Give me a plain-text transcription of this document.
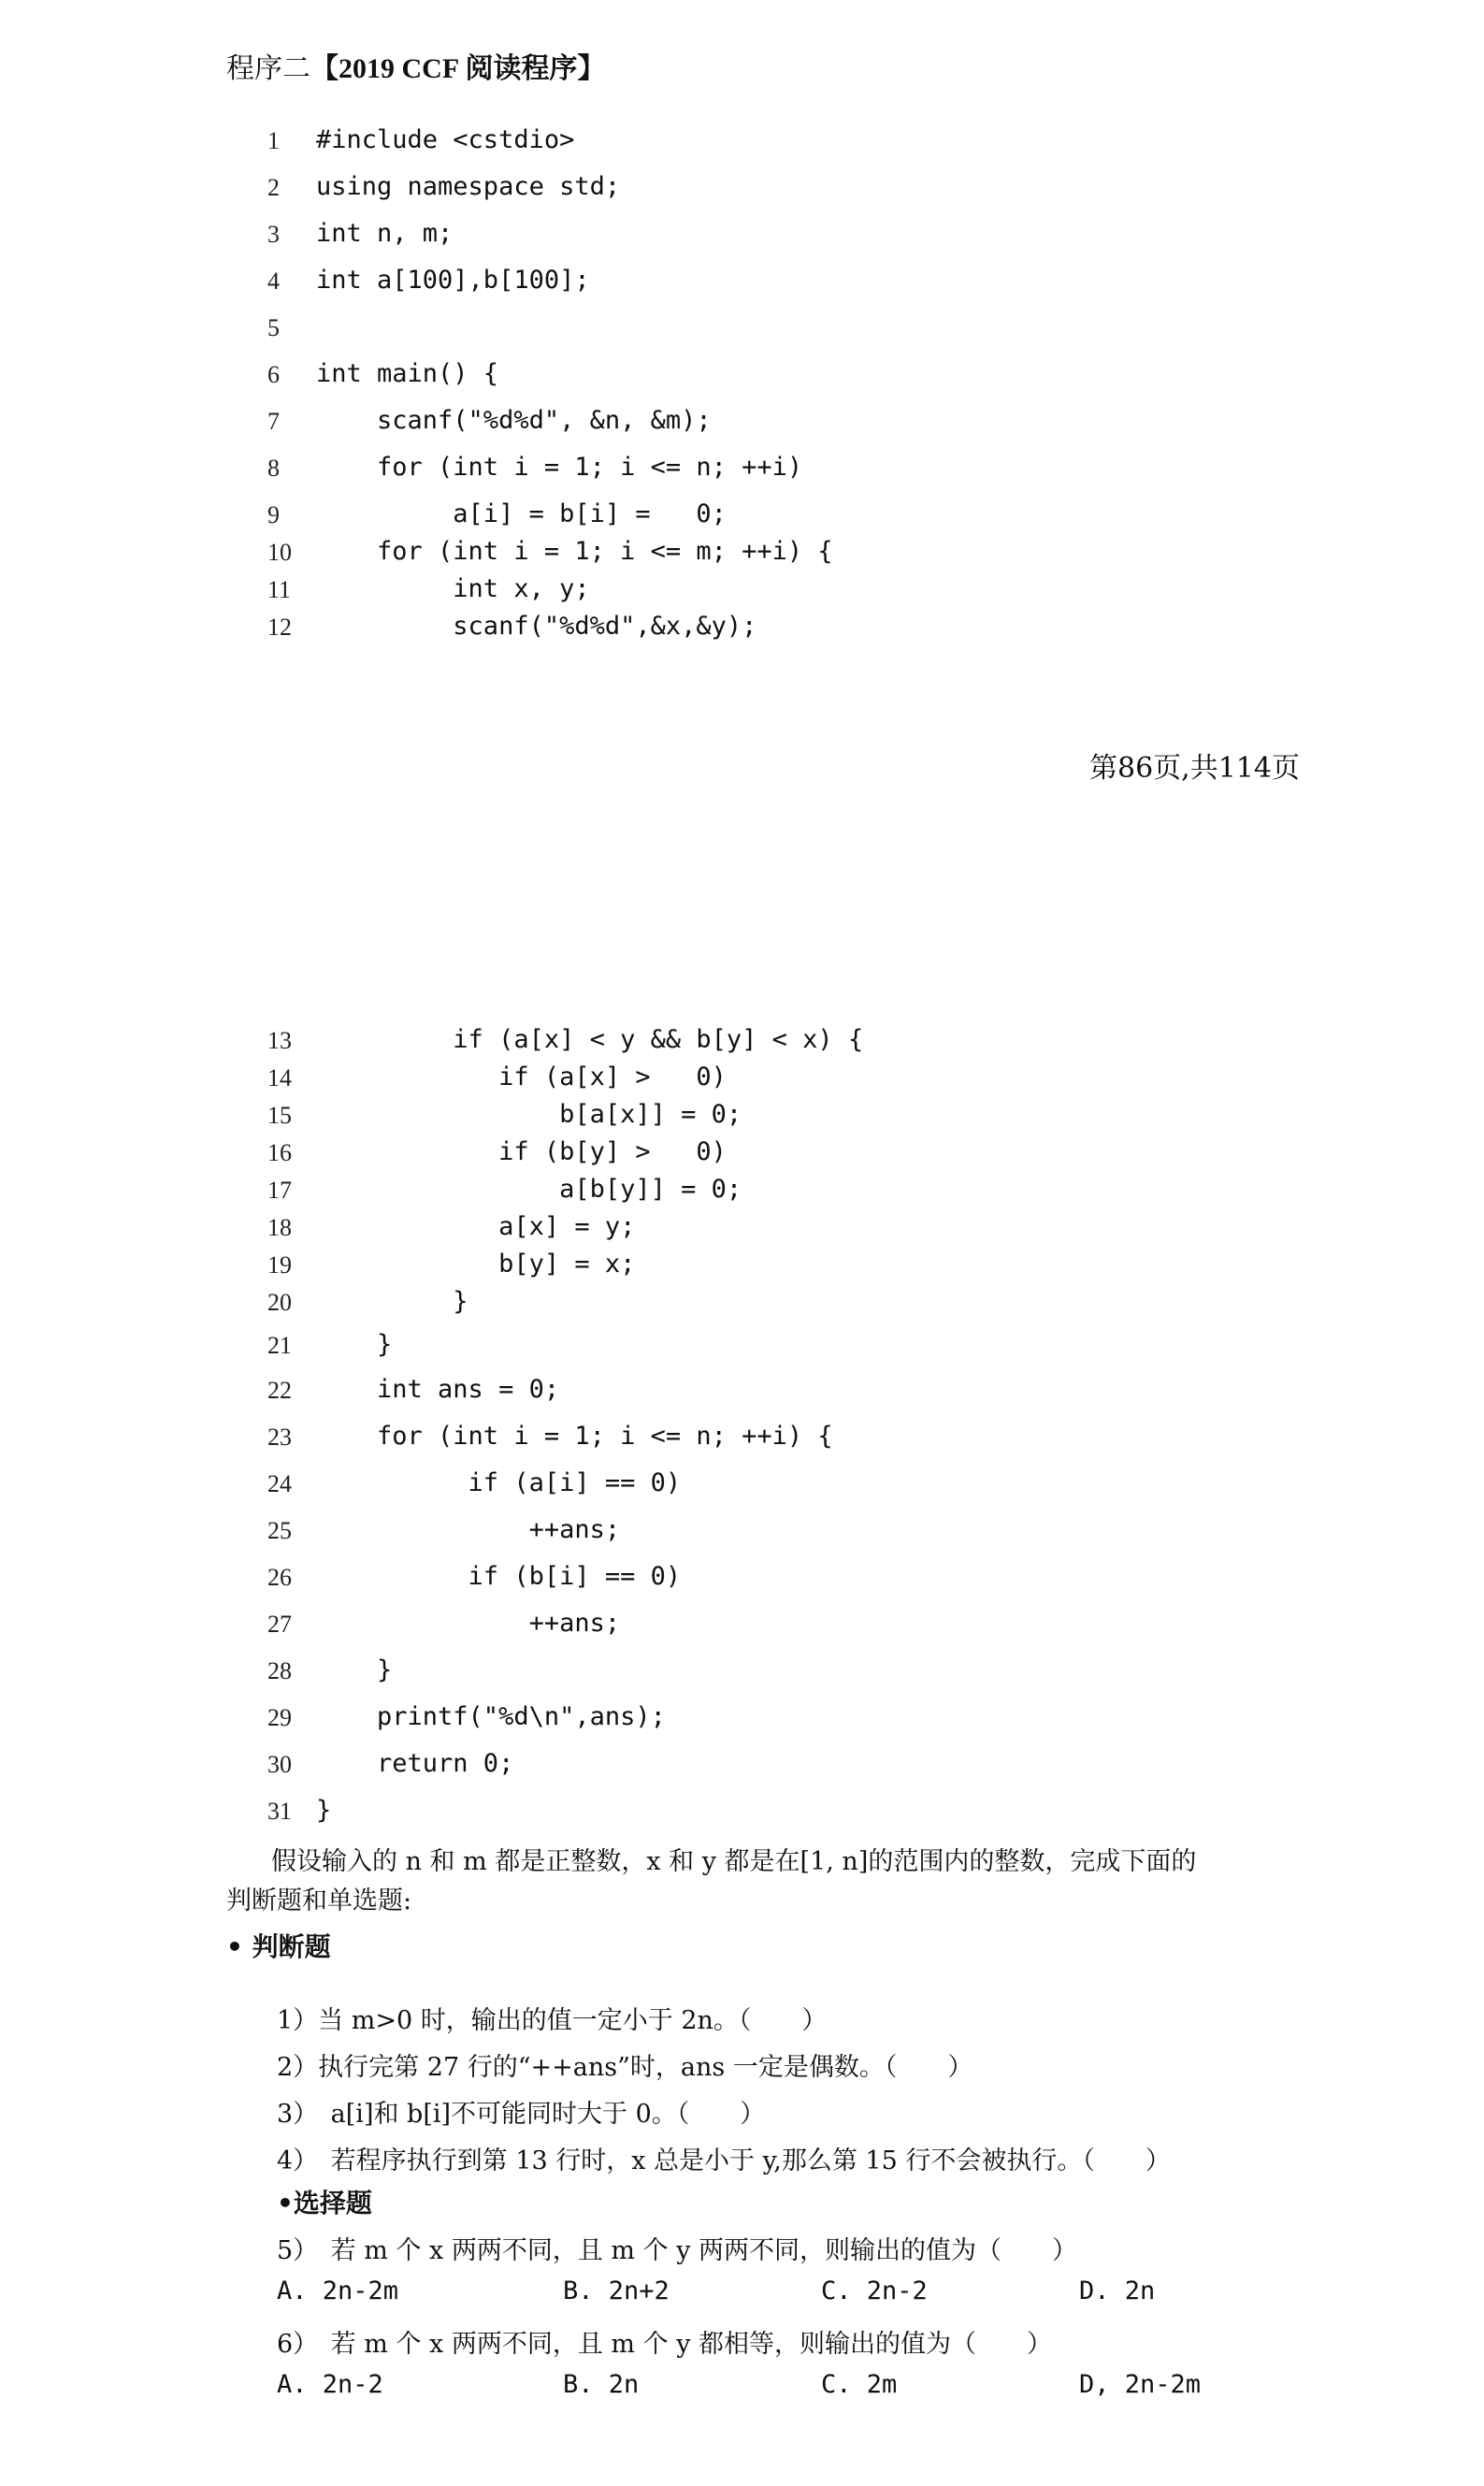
程序二【2019 CCF 阅读程序】
1	#include <cstdio>
2	using namespace std;
3	int n, m;
4	int a[100],b[100];
5
6	int main() {
7	scanf("%d%d", &n, &m);
8	for (int i = 1; i <= n; ++i)
9	a[i] = b[i] =   0;
10 for (int i = 1; i <= m; ++i) {
11 int x, y;
12 scanf("%d%d",&x,&y);
13 if (a[x] < y && b[y] < x) {
14 if (a[x] >   0)
15 b[a[x]] = 0;
16 if (b[y] >   0)
17 a[b[y]] = 0;
18 a[x] = y;
19 b[y] = x;
20 }
21 }
22 int ans = 0;
23 for (int i = 1; i <= n; ++i) {
24 if (a[i] == 0)
25 ++ans;
26 if (b[i] == 0)
27 ++ans;
28 }
29 printf("%d\n",ans);
30 return 0;
31 }
第86页,共114页
假设输入的 n 和 m 都是正整数，x 和 y 都是在[1, n]的范围内的整数，完成下面的
判断题和单选题:
• 判断题
1）当 m>0 时，输出的值一定小于 2n。（　　）
2）执行完第 27 行的“++ans”时，ans 一定是偶数。（　　）
3）　a[i]和 b[i]不可能同时大于 0。（　　）
4）　若程序执行到第 13 行时，x 总是小于 y,那么第 15 行不会被执行。（　　）
•选择题
5）　若 m 个 x 两两不同，且 m 个 y 两两不同，则输出的值为（　　）
A. 2n-2m	B. 2n+2	C. 2n-2	D. 2n
6）　若 m 个 x 两两不同，且 m 个 y 都相等，则输出的值为（　　）
A. 2n-2	B. 2n	C. 2m	D, 2n-2m
